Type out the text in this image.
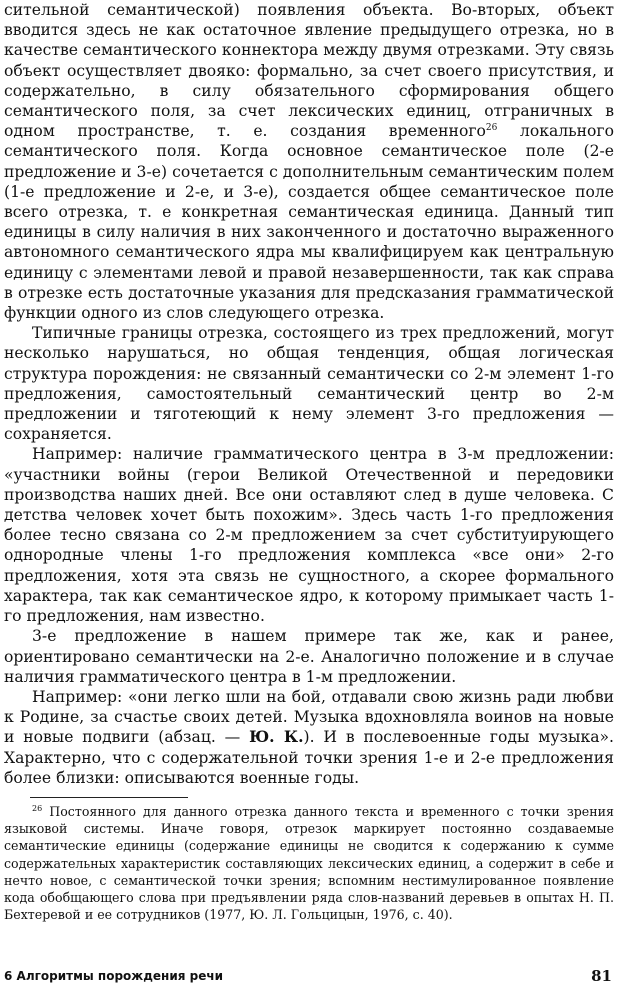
сительной семантической) появления объекта. Во-вторых, объект вводится здесь не как остаточное явление предыдущего отрезка, но в качестве семантического коннектора между двумя отрезками. Эту связь объект осуществляет двояко: формально, за счет своего присутствия, и содержательно, в силу обязательного сформирования общего семантического поля, за счет лексических единиц, отграничных в одном пространстве, т. е. создания временного$^{26}$ локального семантического поля. Когда основное семантическое поле (2-е предложение и 3-е) сочетается с дополнительным семантическим полем (1-е предложение и 2-е, и 3-е), создается общее семантическое поле всего отрезка, т. е конкретная семантическая единица. Данный тип единицы в силу наличия в них законченного и достаточно выраженного автономного семантического ядра мы квалифицируем как центральную единицу с элементами левой и правой незавершенности, так как справа в отрезке есть достаточные указания для предсказания грамматической функции одного из слов следующего отрезка.

Типичные границы отрезка, состоящего из трех предложений, могут несколько нарушаться, но общая тенденция, общая логическая структура порождения: не связанный семантически со 2-м элемент 1-го предложения, самостоятельный семантический центр во 2-м предложении и тяготеющий к нему элемент 3-го предложения — сохраняется.

Например: наличие грамматического центра в 3-м предложении: «участники войны (герои Великой Отечественной и передовики производства наших дней. Все они оставляют след в душе человека. С детства человек хочет быть похожим». Здесь часть 1-го предложения более тесно связана со 2-м предложением за счет субституирующего однородные члены 1-го предложения комплекса «все они» 2-го предложения, хотя эта связь не сущностного, а скорее формального характера, так как семантическое ядро, к которому примыкает часть 1-го предложения, нам известно.

3-е предложение в нашем примере так же, как и ранее, ориентировано семантически на 2-е. Аналогично положение и в случае наличия грамматического центра в 1-м предложении.

Например: «они легко шли на бой, отдавали свою жизнь ради любви к Родине, за счастье своих детей. Музыка вдохновляла воинов на новые и новые подвиги (абзац. — Ю. К.). И в послевоенные годы музыка». Характерно, что с содержательной точки зрения 1-е и 2-е предложения более близки: описываются военные годы.

$^{26}$ Постоянного для данного отрезка данного текста и временного с точки зрения языковой системы. Иначе говоря, отрезок маркирует постоянно создаваемые семантические единицы (содержание единицы не сводится к содержанию к сумме содержательных характеристик составляющих лексических единиц, а содержит в себе и нечто новое, с семантической точки зрения; вспомним нестимулированное появление кода обобщающего слова при предъявлении ряда слов-названий деревьев в опытах Н. П. Бехтеревой и ее сотрудников (1977, Ю. Л. Гольцицын, 1976, с. 40).

6 Алгоритмы порождения речи	81
